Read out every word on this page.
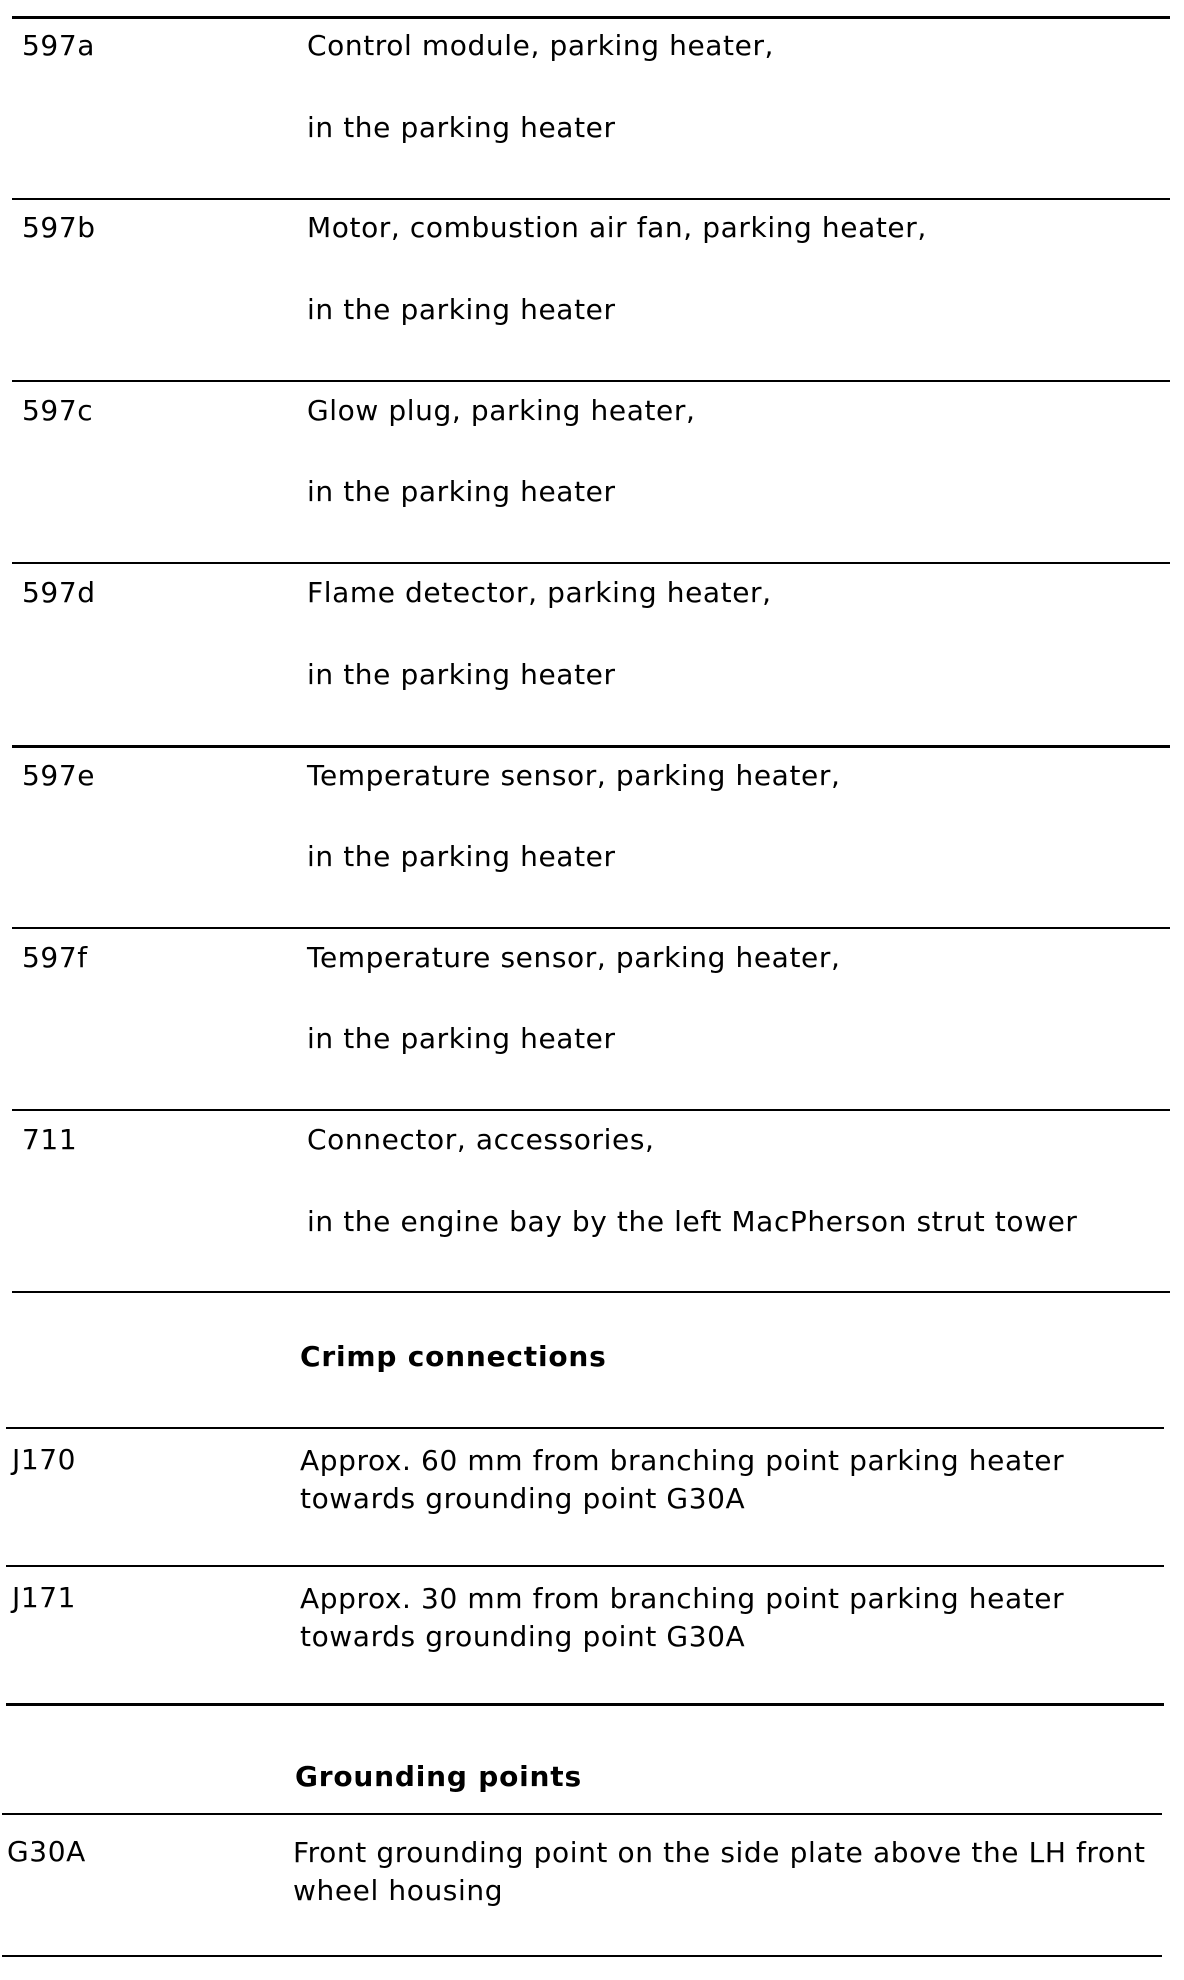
597a	Control module, parking heater,
in the parking heater
597b	Motor, combustion air fan, parking heater,
in the parking heater
597c	Glow plug, parking heater,
in the parking heater
597d	Flame detector, parking heater,
in the parking heater
597e	Temperature sensor, parking heater,
in the parking heater
597f	Temperature sensor, parking heater,
in the parking heater
711	Connector, accessories,
in the engine bay by the left MacPherson strut tower
Crimp connections
J170	Approx. 60 mm from branching point parking heater towards grounding point G30A
J171	Approx. 30 mm from branching point parking heater towards grounding point G30A
Grounding points
G30A	Front grounding point on the side plate above the LH front wheel housing
